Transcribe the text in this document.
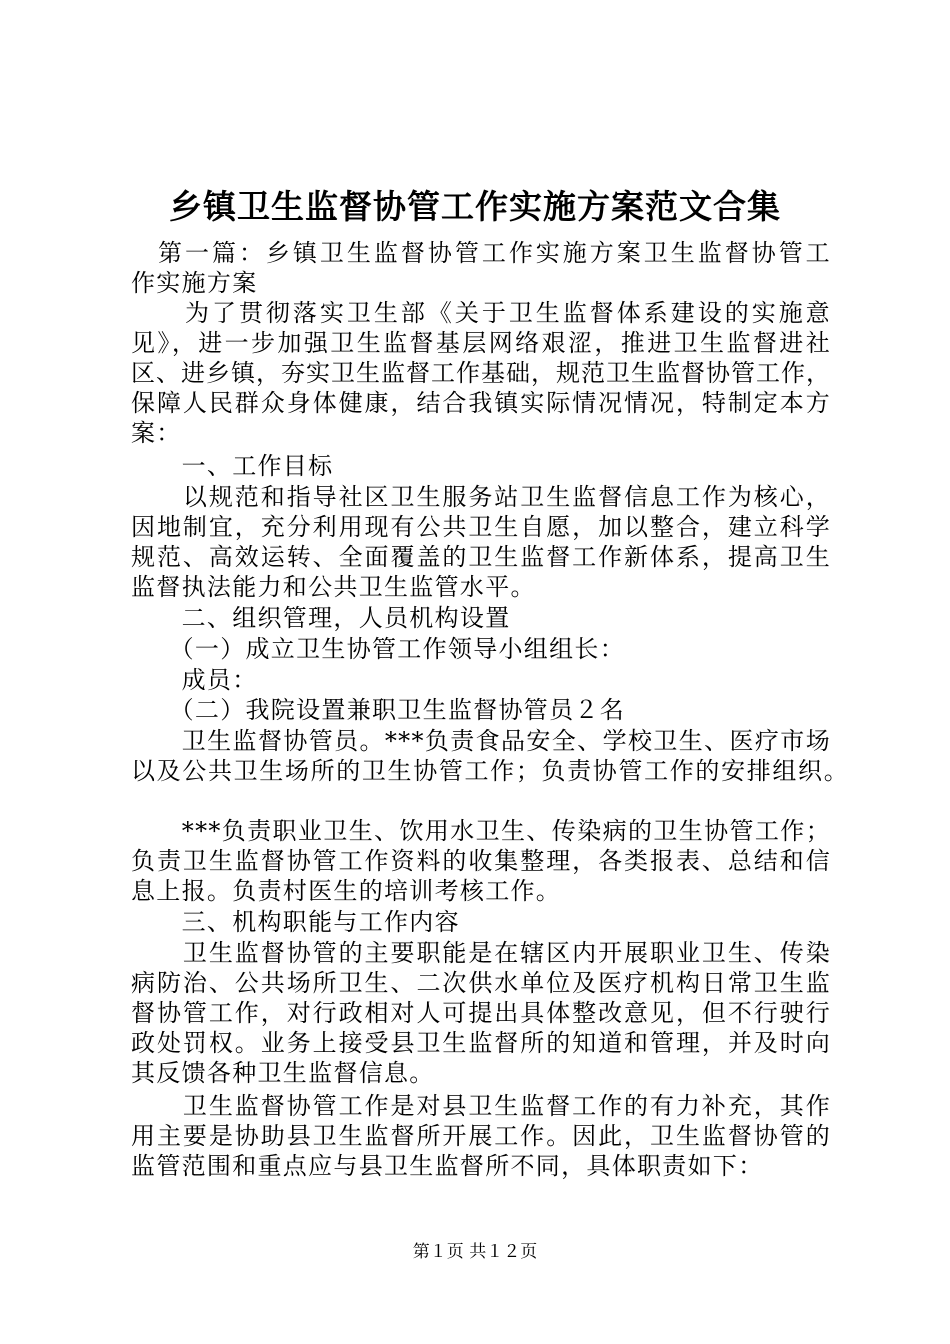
乡镇卫生监督协管工作实施方案范文合集
　第一篇：乡镇卫生监督协管工作实施方案卫生监督协管工
作实施方案
　　为了贯彻落实卫生部《关于卫生监督体系建设的实施意
见》，进一步加强卫生监督基层网络艰涩，推进卫生监督进社
区、进乡镇，夯实卫生监督工作基础，规范卫生监督协管工作，
保障人民群众身体健康，结合我镇实际情况情况，特制定本方
案：
　　一、工作目标
　　以规范和指导社区卫生服务站卫生监督信息工作为核心，
因地制宜，充分利用现有公共卫生自愿，加以整合，建立科学
规范、高效运转、全面覆盖的卫生监督工作新体系，提高卫生
监督执法能力和公共卫生监管水平。
　　二、组织管理，人员机构设置
　　（一）成立卫生协管工作领导小组组长：
　　成员：
　　（二）我院设置兼职卫生监督协管员２名
　　卫生监督协管员。***负责食品安全、学校卫生、医疗市场
以及公共卫生场所的卫生协管工作；负责协管工作的安排组织。
　　***负责职业卫生、饮用水卫生、传染病的卫生协管工作；
负责卫生监督协管工作资料的收集整理，各类报表、总结和信
息上报。负责村医生的培训考核工作。
　　三、机构职能与工作内容
　　卫生监督协管的主要职能是在辖区内开展职业卫生、传染
病防治、公共场所卫生、二次供水单位及医疗机构日常卫生监
督协管工作，对行政相对人可提出具体整改意见，但不行驶行
政处罚权。业务上接受县卫生监督所的知道和管理，并及时向
其反馈各种卫生监督信息。
　　卫生监督协管工作是对县卫生监督工作的有力补充，其作
用主要是协助县卫生监督所开展工作。因此，卫生监督协管的
监管范围和重点应与县卫生监督所不同，具体职责如下：
第１页 共１２页
